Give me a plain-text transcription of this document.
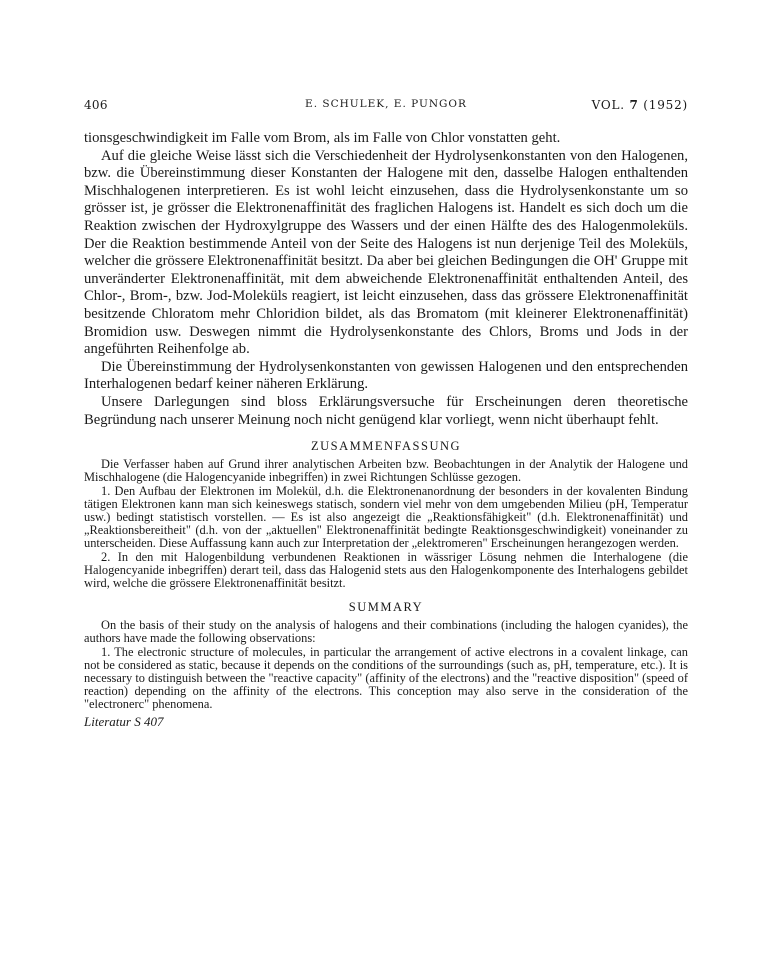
406	E. SCHULEK, E. PUNGOR	VOL. 7 (1952)

tionsgeschwindigkeit im Falle vom Brom, als im Falle von Chlor vonstatten geht.

Auf die gleiche Weise lässt sich die Verschiedenheit der Hydrolysenkonstanten von den Halogenen, bzw. die Übereinstimmung dieser Konstanten der Halogene mit den, dasselbe Halogen enthaltenden Mischhalogenen interpretieren. Es ist wohl leicht einzusehen, dass die Hydrolysenkonstante um so grösser ist, je grösser die Elektronenaffinität des fraglichen Halogens ist. Handelt es sich doch um die Reaktion zwischen der Hydroxylgruppe des Wassers und der einen Hälfte des des Halogenmoleküls. Der die Reaktion bestimmende Anteil von der Seite des Halogens ist nun derjenige Teil des Moleküls, welcher die grössere Elektronenaffinität besitzt. Da aber bei gleichen Bedingungen die OH' Gruppe mit unveränderter Elektronenaffinität, mit dem abweichende Elektronenaffinität enthaltenden Anteil, des Chlor-, Brom-, bzw. Jod-Moleküls reagiert, ist leicht einzusehen, dass das grössere Elektronenaffinität besitzende Chloratom mehr Chloridion bildet, als das Bromatom (mit kleinerer Elektronenaffinität) Bromidion usw. Deswegen nimmt die Hydrolysenkonstante des Chlors, Broms und Jods in der angeführten Reihenfolge ab.

Die Übereinstimmung der Hydrolysenkonstanten von gewissen Halogenen und den entsprechenden Interhalogenen bedarf keiner näheren Erklärung.

Unsere Darlegungen sind bloss Erklärungsversuche für Erscheinungen deren theoretische Begründung nach unserer Meinung noch nicht genügend klar vorliegt, wenn nicht überhaupt fehlt.

ZUSAMMENFASSUNG

Die Verfasser haben auf Grund ihrer analytischen Arbeiten bzw. Beobachtungen in der Analytik der Halogene und Mischhalogene (die Halogencyanide inbegriffen) in zwei Richtungen Schlüsse gezogen.

1. Den Aufbau der Elektronen im Molekül, d.h. die Elektronenanordnung der besonders in der kovalenten Bindung tätigen Elektronen kann man sich keineswegs statisch, sondern viel mehr von dem umgebenden Milieu (pH, Temperatur usw.) bedingt statistisch vorstellen. — Es ist also angezeigt die „Reaktionsfähigkeit" (d.h. Elektronenaffinität) und „Reaktionsbereitheit" (d.h. von der „aktuellen" Elektronenaffinität bedingte Reaktionsgeschwindigkeit) voneinander zu unterscheiden. Diese Auffassung kann auch zur Interpretation der „elektromeren" Erscheinungen herangezogen werden.

2. In den mit Halogenbildung verbundenen Reaktionen in wässriger Lösung nehmen die Interhalogene (die Halogencyanide inbegriffen) derart teil, dass das Halogenid stets aus den Halogenkomponente des Interhalogens gebildet wird, welche die grössere Elektronenaffinität besitzt.

SUMMARY

On the basis of their study on the analysis of halogens and their combinations (including the halogen cyanides), the authors have made the following observations:

1. The electronic structure of molecules, in particular the arrangement of active electrons in a covalent linkage, can not be considered as static, because it depends on the conditions of the surroundings (such as, pH, temperature, etc.). It is necessary to distinguish between the "reactive capacity" (affinity of the electrons) and the "reactive disposition" (speed of reaction) depending on the affinity of the electrons. This conception may also serve in the consideration of the "electronerc" phenomena.

Literatur S 407
